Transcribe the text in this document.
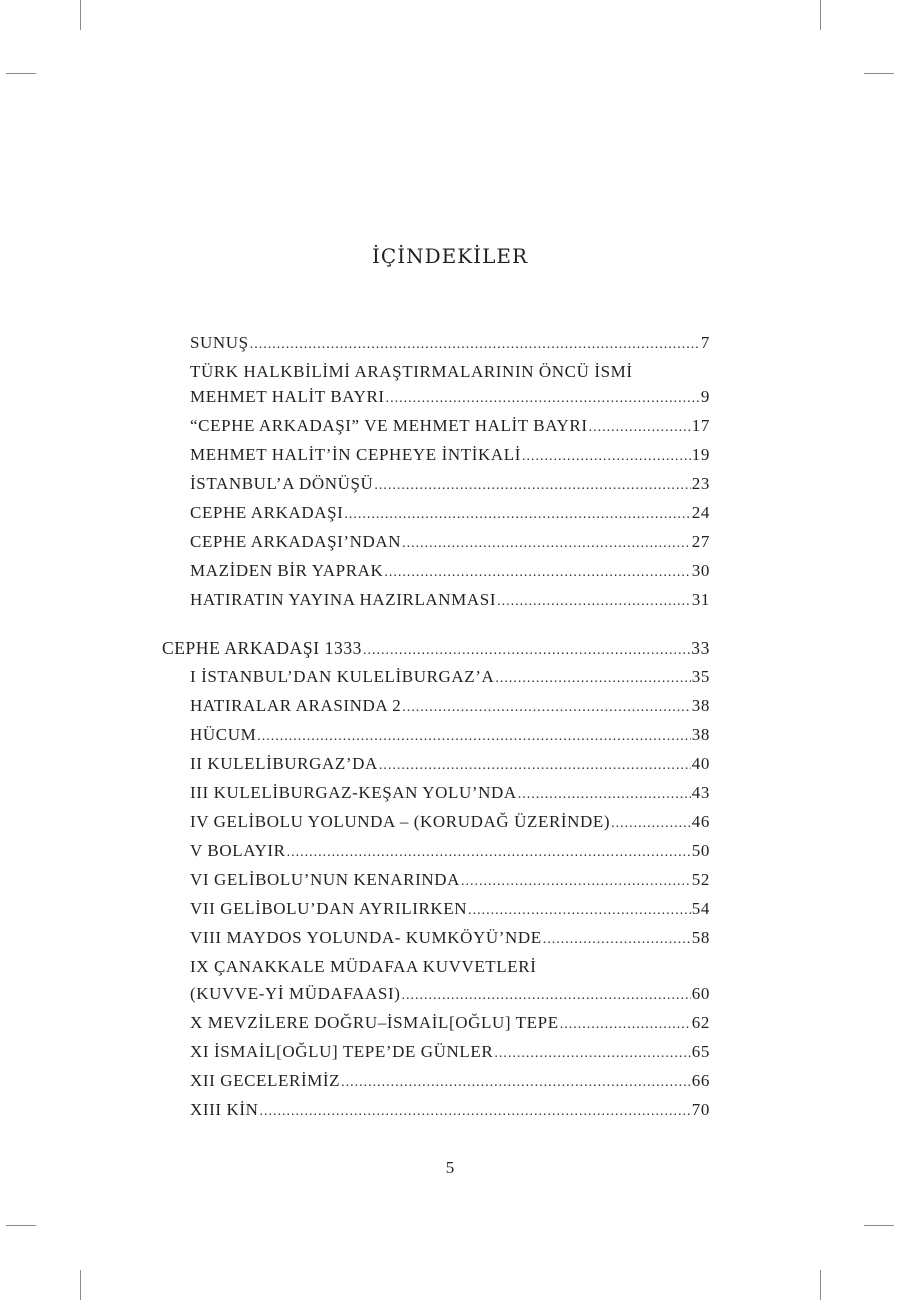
İÇİNDEKİLER
SUNUŞ .....	7
TÜRK HALKBİLİMİ ARAŞTIRMALARININ ÖNCÜ İSMİ
MEHMET HALİT BAYRI .....	9
“CEPHE ARKADAŞI” VE MEHMET HALİT BAYRI .....	17
MEHMET HALİT’İN CEPHEYE İNTİKALİ .....	19
İSTANBUL’A DÖNÜŞÜ .....	23
CEPHE ARKADAŞI .....	24
CEPHE ARKADAŞI’NDAN .....	27
MAZİDEN BİR YAPRAK .....	30
HATIRATIN YAYINA HAZIRLANMASI .....	31
CEPHE ARKADAŞI 1333 .....	33
I İSTANBUL’DAN KULELİBURGAZ’A .....	35
HATIRALAR ARASINDA 2 .....	38
HÜCUM .....	38
II KULELİBURGAZ’DA .....	40
III KULELİBURGAZ-KEŞAN YOLU’NDA .....	43
IV GELİBOLU YOLUNDA – (KORUDAĞ ÜZERİNDE) .....	46
V BOLAYIR .....	50
VI GELİBOLU’NUN KENARINDA .....	52
VII GELİBOLU’DAN AYRILIRKEN .....	54
VIII MAYDOS YOLUNDA- KUMKÖYÜ’NDE .....	58
IX ÇANAKKALE MÜDAFAA KUVVETLERİ
(KUVVE-Yİ MÜDAFAASI) .....	60
X MEVZİLERE DOĞRU–İSMAİL[OĞLU] TEPE .....	62
XI İSMAİL[OĞLU] TEPE’DE GÜNLER .....	65
XII GECELERİMİZ .....	66
XIII KİN .....	70
5
